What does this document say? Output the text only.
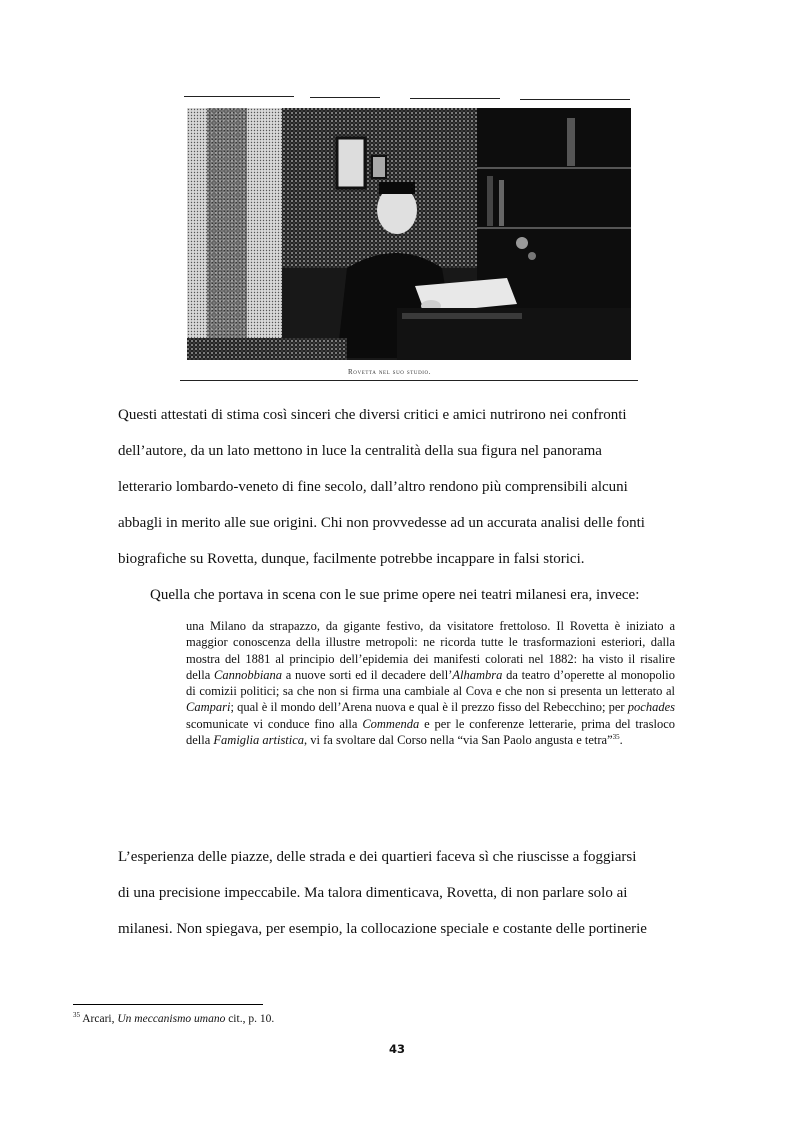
Rovetta nel suo studio.

Questi attestati di stima così sinceri che diversi critici e amici nutrirono nei confronti

dell’autore, da un lato mettono in luce la centralità della sua figura nel panorama

letterario lombardo-veneto di fine secolo, dall’altro rendono più comprensibili alcuni

abbagli in merito alle sue origini. Chi non provvedesse ad un accurata analisi delle fonti

biografiche su Rovetta, dunque, facilmente potrebbe incappare in falsi storici.

Quella che portava in scena con le sue prime opere nei teatri milanesi era, invece:

una Milano da strapazzo, da gigante festivo, da visitatore frettoloso. Il Rovetta è iniziato a maggior conoscenza della illustre metropoli: ne ricorda tutte le trasformazioni esteriori, dalla mostra del 1881 al principio dell’epidemia dei manifesti colorati nel 1882: ha visto il risalire della Cannobbiana a nuove sorti ed il decadere dell’Alhambra da teatro d’operette al monopolio di comizii politici; sa che non si firma una cambiale al Cova e che non si presenta un letterato al Campari; qual è il mondo dell’Arena nuova e qual è il prezzo fisso del Rebecchino; per pochades scomunicate vi conduce fino alla Commenda e per le conferenze letterarie, prima del trasloco della Famiglia artistica, vi fa svoltare dal Corso nella “via San Paolo angusta e tetra”$^{35}$.

L’esperienza delle piazze, delle strada e dei quartieri faceva sì che riuscisse a foggiarsi

di una precisione impeccabile. Ma talora dimenticava, Rovetta, di non parlare solo ai

milanesi. Non spiegava, per esempio, la collocazione speciale e costante delle portinerie

$^{35}$ Arcari, Un meccanismo umano cit., p. 10.
43
